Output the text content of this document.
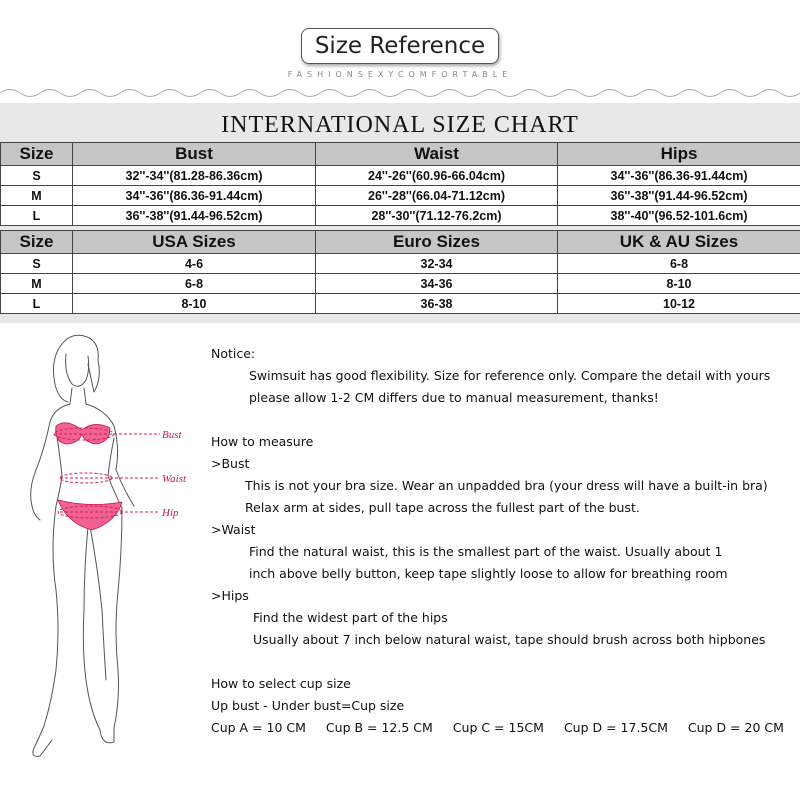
Size Reference
FASHIONSEXYCOMFORTABLE
INTERNATIONAL SIZE CHART
Size	Bust	Waist	Hips
S	32''-34''(81.28-86.36cm)	24''-26''(60.96-66.04cm)	34''-36''(86.36-91.44cm)
M	34''-36''(86.36-91.44cm)	26''-28''(66.04-71.12cm)	36''-38''(91.44-96.52cm)
L	36''-38''(91.44-96.52cm)	28''-30''(71.12-76.2cm)	38''-40''(96.52-101.6cm)
Size	USA Sizes	Euro Sizes	UK & AU Sizes
S	4-6	32-34	6-8
M	6-8	34-36	8-10
L	8-10	36-38	10-12
Bust
Waist
Hip
Notice:
Swimsuit has good flexibility. Size for reference only. Compare the detail with yours
please allow 1-2 CM differs due to manual measurement, thanks!
How to measure
>Bust
This is not your bra size. Wear an unpadded bra (your dress will have a built-in bra)
Relax arm at sides, pull tape across the fullest part of the bust.
>Waist
Find the natural waist, this is the smallest part of the waist. Usually about 1
inch above belly button, keep tape slightly loose to allow for breathing room
>Hips
Find the widest part of the hips
Usually about 7 inch below natural waist, tape should brush across both hipbones
How to select cup size
Up bust - Under bust=Cup size
Cup A = 10 CM Cup B = 12.5 CM Cup C = 15CM Cup D = 17.5CM Cup D = 20 CM
